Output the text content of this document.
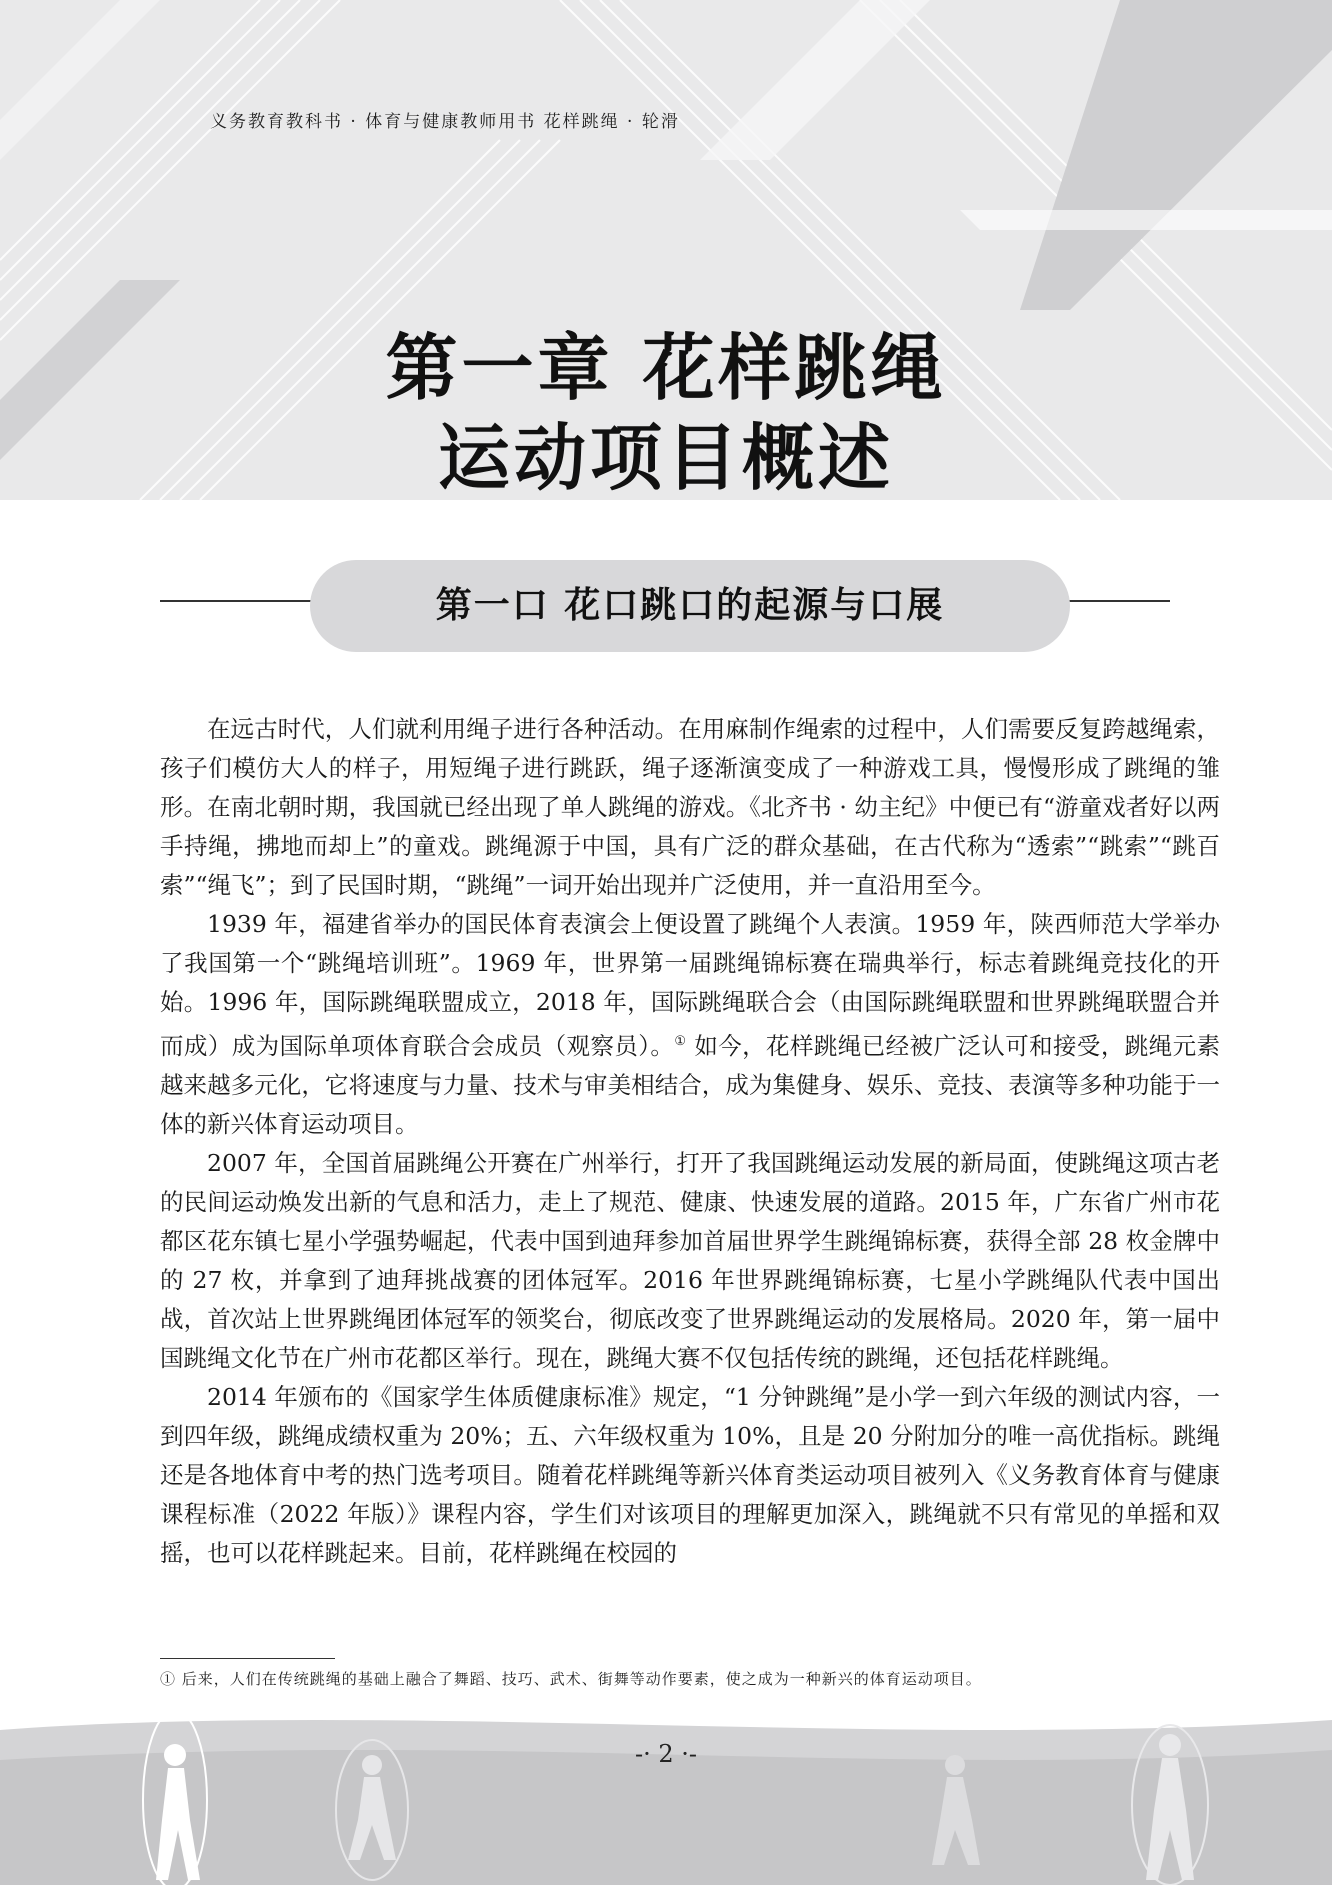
义务教育教科书 · 体育与健康教师用书 花样跳绳 · 轮滑
第一章 花样跳绳
运动项目概述
第一口 花口跳口的起源与口展

在远古时代，人们就利用绳子进行各种活动。在用麻制作绳索的过程中，人们需要反复跨越绳索，孩子们模仿大人的样子，用短绳子进行跳跃，绳子逐渐演变成了一种游戏工具，慢慢形成了跳绳的雏形。在南北朝时期，我国就已经出现了单人跳绳的游戏。《北齐书 · 幼主纪》中便已有“游童戏者好以两手持绳，拂地而却上”的童戏。跳绳源于中国，具有广泛的群众基础，在古代称为“透索”“跳索”“跳百索”“绳飞”；到了民国时期，“跳绳”一词开始出现并广泛使用，并一直沿用至今。

1939 年，福建省举办的国民体育表演会上便设置了跳绳个人表演。1959 年，陕西师范大学举办了我国第一个“跳绳培训班”。1969 年，世界第一届跳绳锦标赛在瑞典举行，标志着跳绳竞技化的开始。1996 年，国际跳绳联盟成立，2018 年，国际跳绳联合会（由国际跳绳联盟和世界跳绳联盟合并而成）成为国际单项体育联合会成员（观察员）。① 如今，花样跳绳已经被广泛认可和接受，跳绳元素越来越多元化，它将速度与力量、技术与审美相结合，成为集健身、娱乐、竞技、表演等多种功能于一体的新兴体育运动项目。

2007 年，全国首届跳绳公开赛在广州举行，打开了我国跳绳运动发展的新局面，使跳绳这项古老的民间运动焕发出新的气息和活力，走上了规范、健康、快速发展的道路。2015 年，广东省广州市花都区花东镇七星小学强势崛起，代表中国到迪拜参加首届世界学生跳绳锦标赛，获得全部 28 枚金牌中的 27 枚，并拿到了迪拜挑战赛的团体冠军。2016 年世界跳绳锦标赛，七星小学跳绳队代表中国出战，首次站上世界跳绳团体冠军的领奖台，彻底改变了世界跳绳运动的发展格局。2020 年，第一届中国跳绳文化节在广州市花都区举行。现在，跳绳大赛不仅包括传统的跳绳，还包括花样跳绳。

2014 年颁布的《国家学生体质健康标准》规定，“1 分钟跳绳”是小学一到六年级的测试内容，一到四年级，跳绳成绩权重为 20%；五、六年级权重为 10%，且是 20 分附加分的唯一高优指标。跳绳还是各地体育中考的热门选考项目。随着花样跳绳等新兴体育类运动项目被列入《义务教育体育与健康课程标准（2022 年版）》课程内容，学生们对该项目的理解更加深入，跳绳就不只有常见的单摇和双摇，也可以花样跳起来。目前，花样跳绳在校园的

① 后来，人们在传统跳绳的基础上融合了舞蹈、技巧、武术、街舞等动作要素，使之成为一种新兴的体育运动项目。
-· 2 ·-
